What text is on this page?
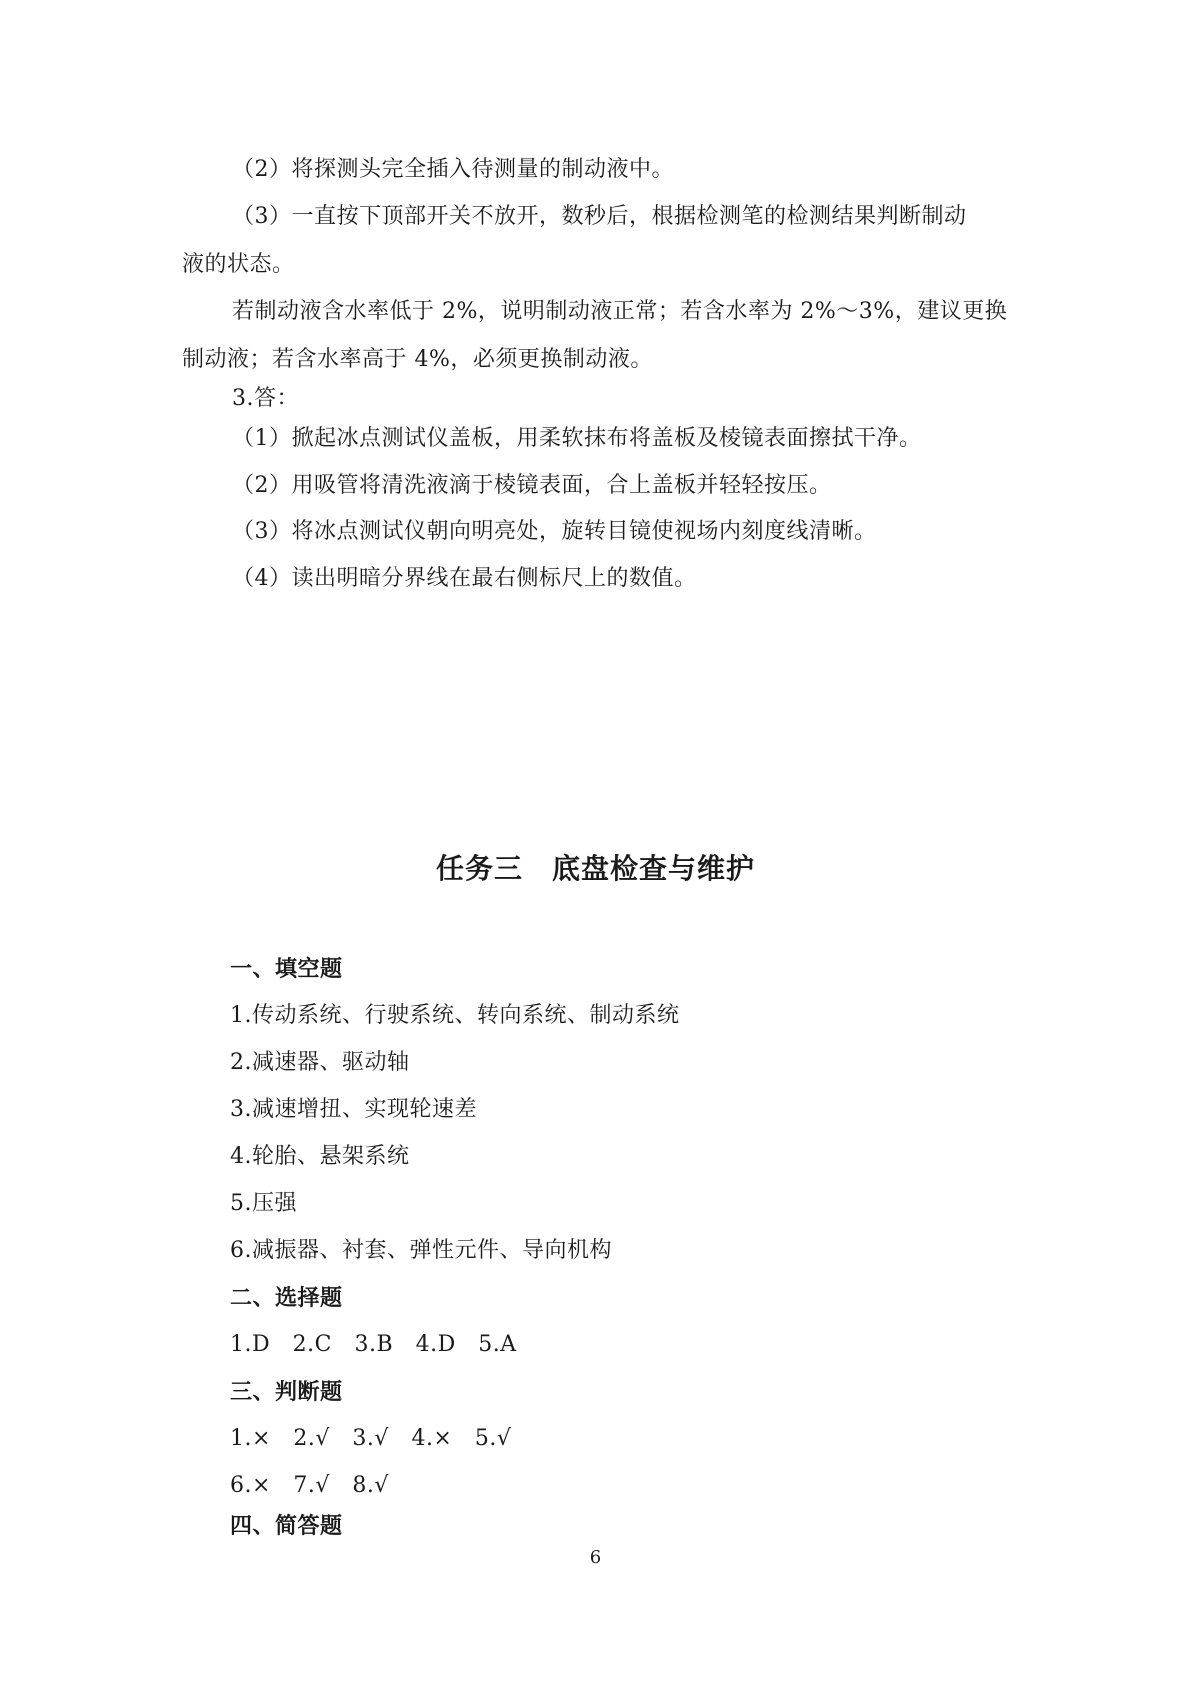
（2）将探测头完全插入待测量的制动液中。
（3）一直按下顶部开关不放开，数秒后，根据检测笔的检测结果判断制动
液的状态。
若制动液含水率低于 2%，说明制动液正常；若含水率为 2%～3%，建议更换
制动液；若含水率高于 4%，必须更换制动液。
3.答：
（1）掀起冰点测试仪盖板，用柔软抹布将盖板及棱镜表面擦拭干净。
（2）用吸管将清洗液滴于棱镜表面，合上盖板并轻轻按压。
（3）将冰点测试仪朝向明亮处，旋转目镜使视场内刻度线清晰。
（4）读出明暗分界线在最右侧标尺上的数值。
任务三　底盘检查与维护
一、填空题
1.传动系统、行驶系统、转向系统、制动系统
2.减速器、驱动轴
3.减速增扭、实现轮速差
4.轮胎、悬架系统
5.压强
6.减振器、衬套、弹性元件、导向机构
二、选择题
1.D　2.C　3.B　4.D　5.A
三、判断题
1.×　2.√　3.√　4.×　5.√
6.×　7.√　8.√
四、简答题
6
